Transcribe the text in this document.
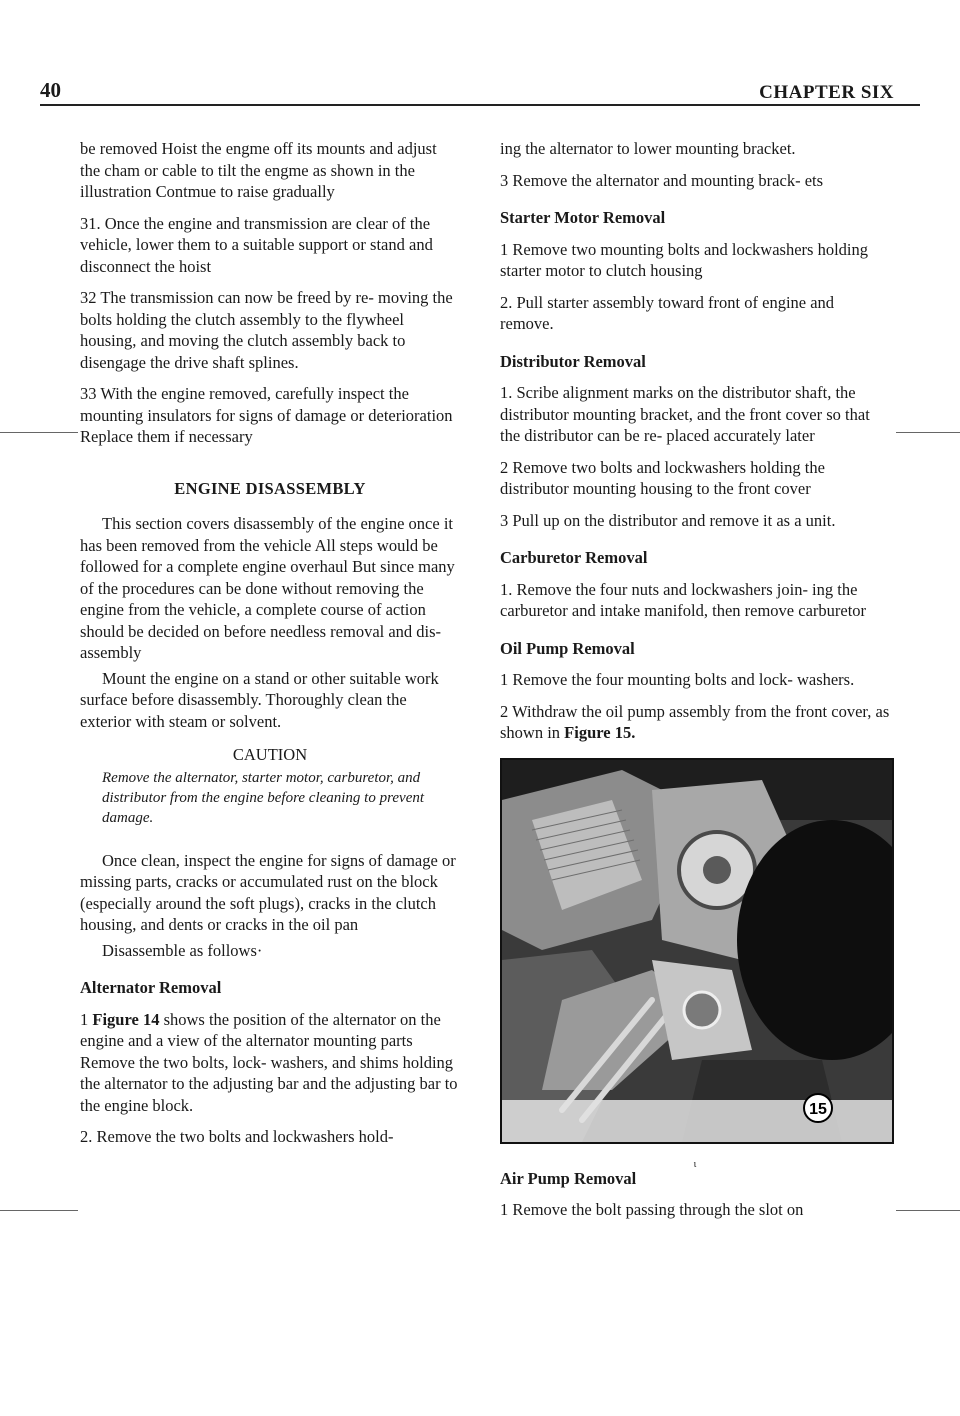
40	CHAPTER SIX

be removed Hoist the engme off its mounts and adjust the cham or cable to tilt the engme as shown in the illustration Contmue to raise gradually

31. Once the engine and transmission are clear of the vehicle, lower them to a suitable support or stand and disconnect the hoist

32 The transmission can now be freed by re- moving the bolts holding the clutch assembly to the flywheel housing, and moving the clutch assembly back to disengage the drive shaft splines.

33 With the engine removed, carefully inspect the mounting insulators for signs of damage or deterioration Replace them if necessary

ENGINE DISASSEMBLY

This section covers disassembly of the engine once it has been removed from the vehicle All steps would be followed for a complete engine overhaul But since many of the procedures can be done without removing the engine from the vehicle, a complete course of action should be decided on before needless removal and dis- assembly

Mount the engine on a stand or other suitable work surface before disassembly. Thoroughly clean the exterior with steam or solvent.

CAUTION
Remove the alternator, starter motor, carburetor, and distributor from the engine before cleaning to prevent damage.

Once clean, inspect the engine for signs of damage or missing parts, cracks or accumulated rust on the block (especially around the soft plugs), cracks in the clutch housing, and dents or cracks in the oil pan

Disassemble as follows·

Alternator Removal

1 Figure 14 shows the position of the alternator on the engine and a view of the alternator mounting parts Remove the two bolts, lock- washers, and shims holding the alternator to the adjusting bar and the adjusting bar to the engine block.

2. Remove the two bolts and lockwashers hold-

ing the alternator to lower mounting bracket.

3 Remove the alternator and mounting brack- ets

Starter Motor Removal

1 Remove two mounting bolts and lockwashers holding starter motor to clutch housing

2. Pull starter assembly toward front of engine and remove.

Distributor Removal

1. Scribe alignment marks on the distributor shaft, the distributor mounting bracket, and the front cover so that the distributor can be re- placed accurately later

2 Remove two bolts and lockwashers holding the distributor mounting housing to the front cover

3 Pull up on the distributor and remove it as a unit.

Carburetor Removal

1. Remove the four nuts and lockwashers join- ing the carburetor and intake manifold, then remove carburetor

Oil Pump Removal

1 Remove the four mounting bolts and lock- washers.

2 Withdraw the oil pump assembly from the front cover, as shown in Figure 15.

15
ι
Air Pump Removal

1 Remove the bolt passing through the slot on
